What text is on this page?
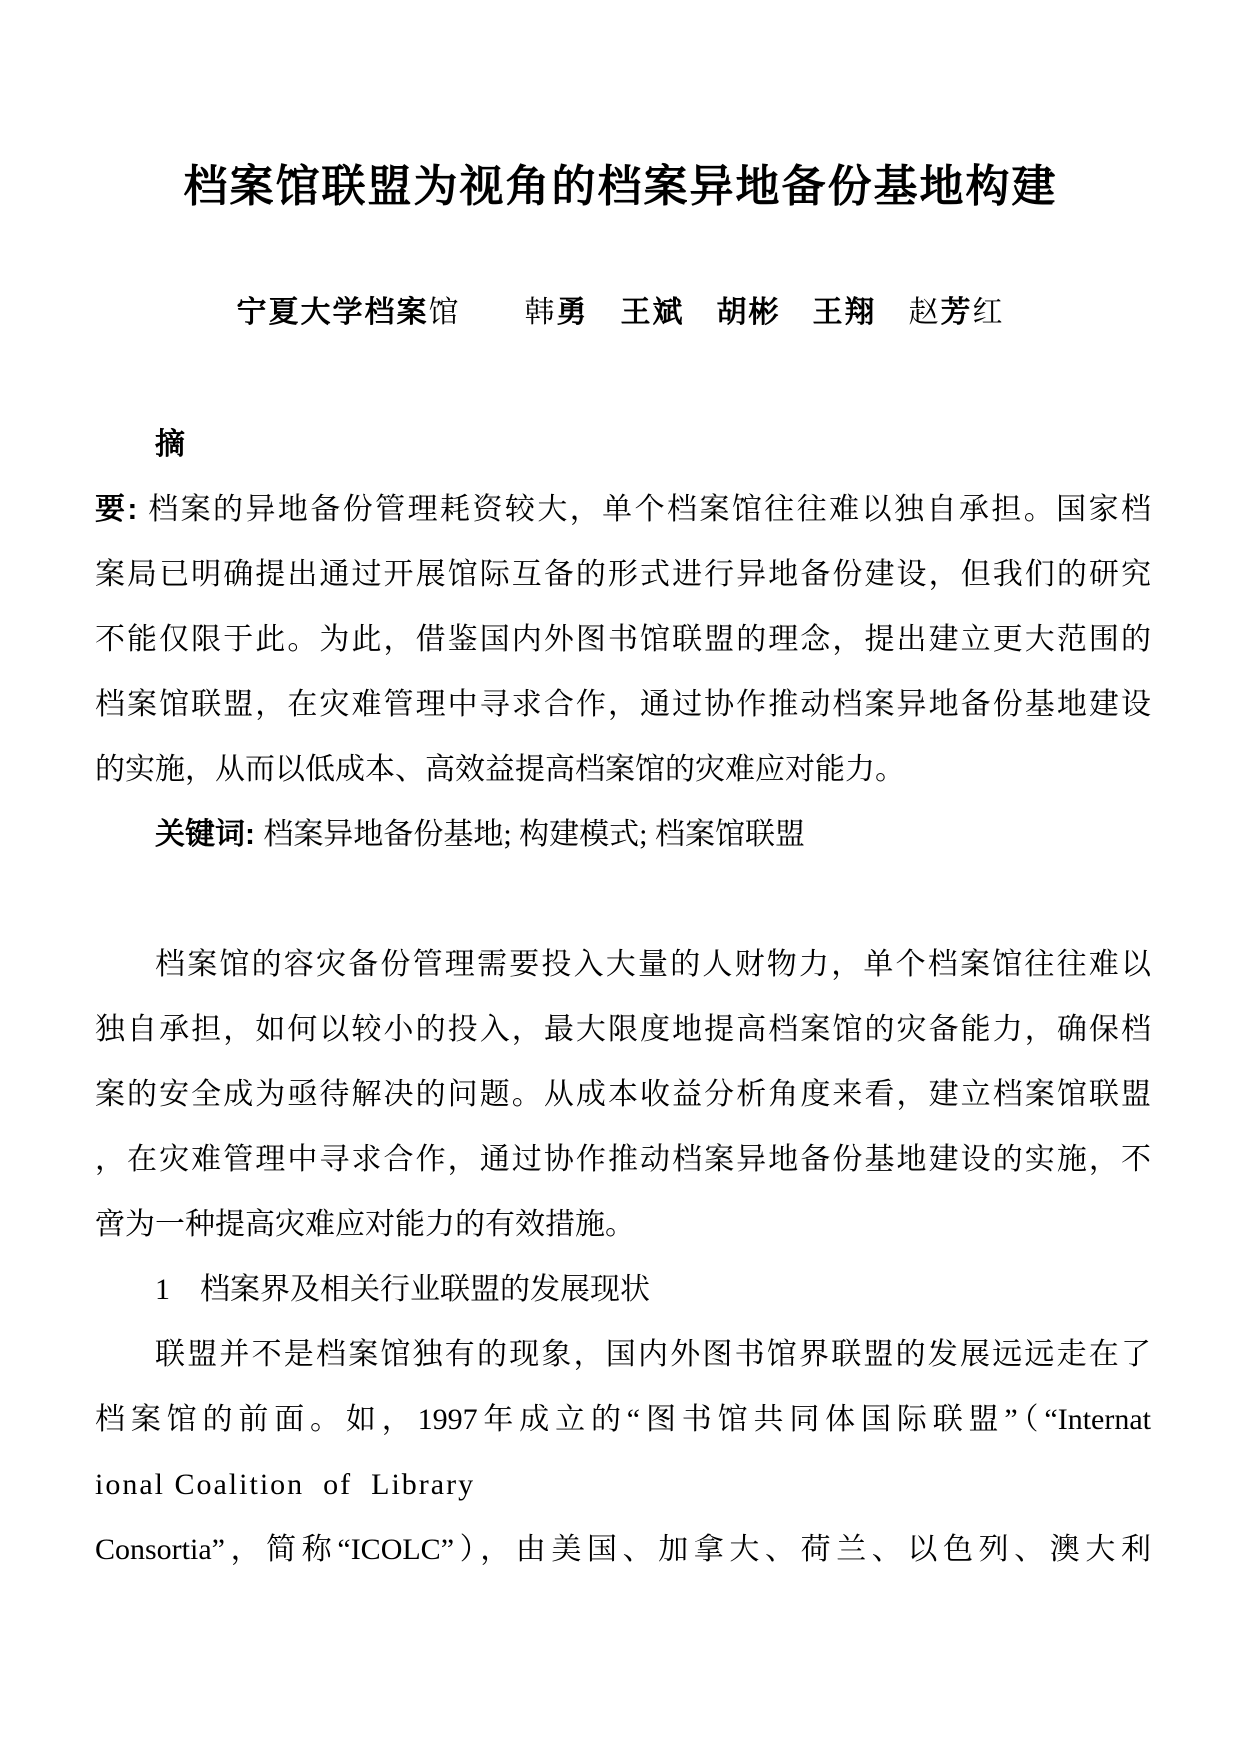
档案馆联盟为视角的档案异地备份基地构建
宁夏大学档案馆　　 韩勇　 王斌　 胡彬　 王翔　 赵芳红
摘
要: 档案的异地备份管理耗资较大，单个档案馆往往难以独自承担。国家档
案局已明确提出通过开展馆际互备的形式进行异地备份建设，但我们的研究
不能仅限于此。为此，借鉴国内外图书馆联盟的理念，提出建立更大范围的
档案馆联盟，在灾难管理中寻求合作，通过协作推动档案异地备份基地建设
的实施，从而以低成本、高效益提高档案馆的灾难应对能力。
关键词: 档案异地备份基地; 构建模式; 档案馆联盟
档案馆的容灾备份管理需要投入大量的人财物力，单个档案馆往往难以
独自承担，如何以较小的投入，最大限度地提高档案馆的灾备能力，确保档
案的安全成为亟待解决的问题。从成本收益分析角度来看，建立档案馆联盟
，在灾难管理中寻求合作，通过协作推动档案异地备份基地建设的实施，不
啻为一种提高灾难应对能力的有效措施。
1　档案界及相关行业联盟的发展现状
联盟并不是档案馆独有的现象，国内外图书馆界联盟的发展远远走在了
档案馆的前面。如，1997年成立的“图书馆共同体国际联盟”（“Internat
ional Coalition  of  Library
Consortia”，简称“ICOLC”），由美国、加拿大、荷兰、以色列、澳大利
